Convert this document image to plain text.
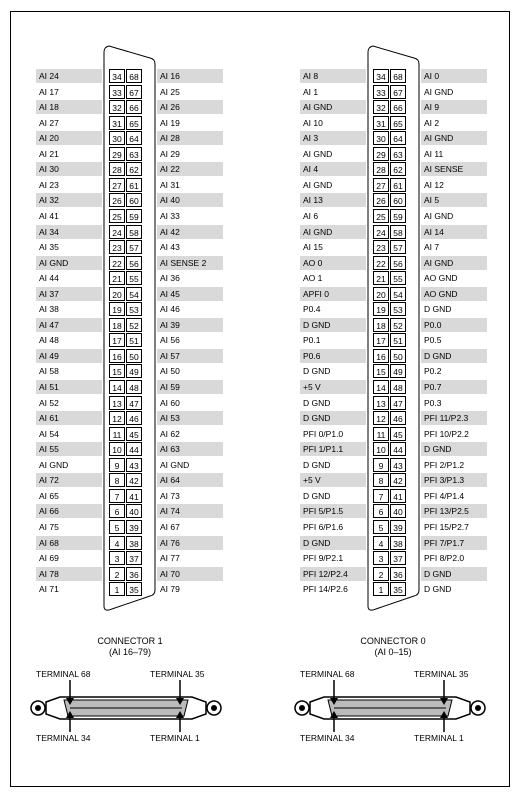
AI 24	34 68	AI 16
AI 17	33 67	AI 25
AI 18	32 66	AI 26
AI 27	31 65	AI 19
AI 20	30 64	AI 28
AI 21	29 63	AI 29
AI 30	28 62	AI 22
AI 23	27 61	AI 31
AI 32	26 60	AI 40
AI 41	25 59	AI 33
AI 34	24 58	AI 42
AI 35	23 57	AI 43
AI GND	22 56	AI SENSE 2
AI 44	21 55	AI 36
AI 37	20 54	AI 45
AI 38	19 53	AI 46
AI 47	18 52	AI 39
AI 48	17 51	AI 56
AI 49	16 50	AI 57
AI 58	15 49	AI 50
AI 51	14 48	AI 59
AI 52	13 47	AI 60
AI 61	12 46	AI 53
AI 54	11 45	AI 62
AI 55	10 44	AI 63
AI GND	9	43	AI GND
AI 72	8	42	AI 64
AI 65	7	41	AI 73
AI 66	6	40	AI 74
AI 75	5	39	AI 67
AI 68	4	38	AI 76
AI 69	3	37	AI 77
AI 78	2	36	AI 70
AI 71	1	35	AI 79
AI 8	34 68	AI 0
AI 1	33 67	AI GND
AI GND	32 66	AI 9
AI 10	31 65	AI 2
AI 3	30 64	AI GND
AI GND	29 63	AI 11
AI 4	28 62	AI SENSE
AI GND	27 61	AI 12
AI 13	26 60	AI 5
AI 6	25 59	AI GND
AI GND	24 58	AI 14
AI 15	23 57	AI 7
AO 0	22 56	AI GND
AO 1	21 55	AO GND
APFI 0	20 54	AO GND
P0.4	19 53	D GND
D GND	18 52	P0.0
P0.1	17 51	P0.5
P0.6	16 50	D GND
D GND	15 49	P0.2
+5 V	14 48	P0.7
D GND	13 47	P0.3
D GND	12 46	PFI 11/P2.3
PFI 0/P1.0	11 45	PFI 10/P2.2
PFI 1/P1.1	10 44	D GND
D GND	9	43	PFI 2/P1.2
+5 V	8	42	PFI 3/P1.3
D GND	7	41	PFI 4/P1.4
PFI 5/P1.5	6	40	PFI 13/P2.5
PFI 6/P1.6	5	39	PFI 15/P2.7
D GND	4	38	PFI 7/P1.7
PFI 9/P2.1	3	37	PFI 8/P2.0
PFI 12/P2.4	2	36	D GND
PFI 14/P2.6	1	35	D GND
CONNECTOR 1
(AI 16–79)
TERMINAL 68	TERMINAL 35
TERMINAL 34	TERMINAL 1
CONNECTOR 0
(AI 0–15)
TERMINAL 68	TERMINAL 35
TERMINAL 34	TERMINAL 1
